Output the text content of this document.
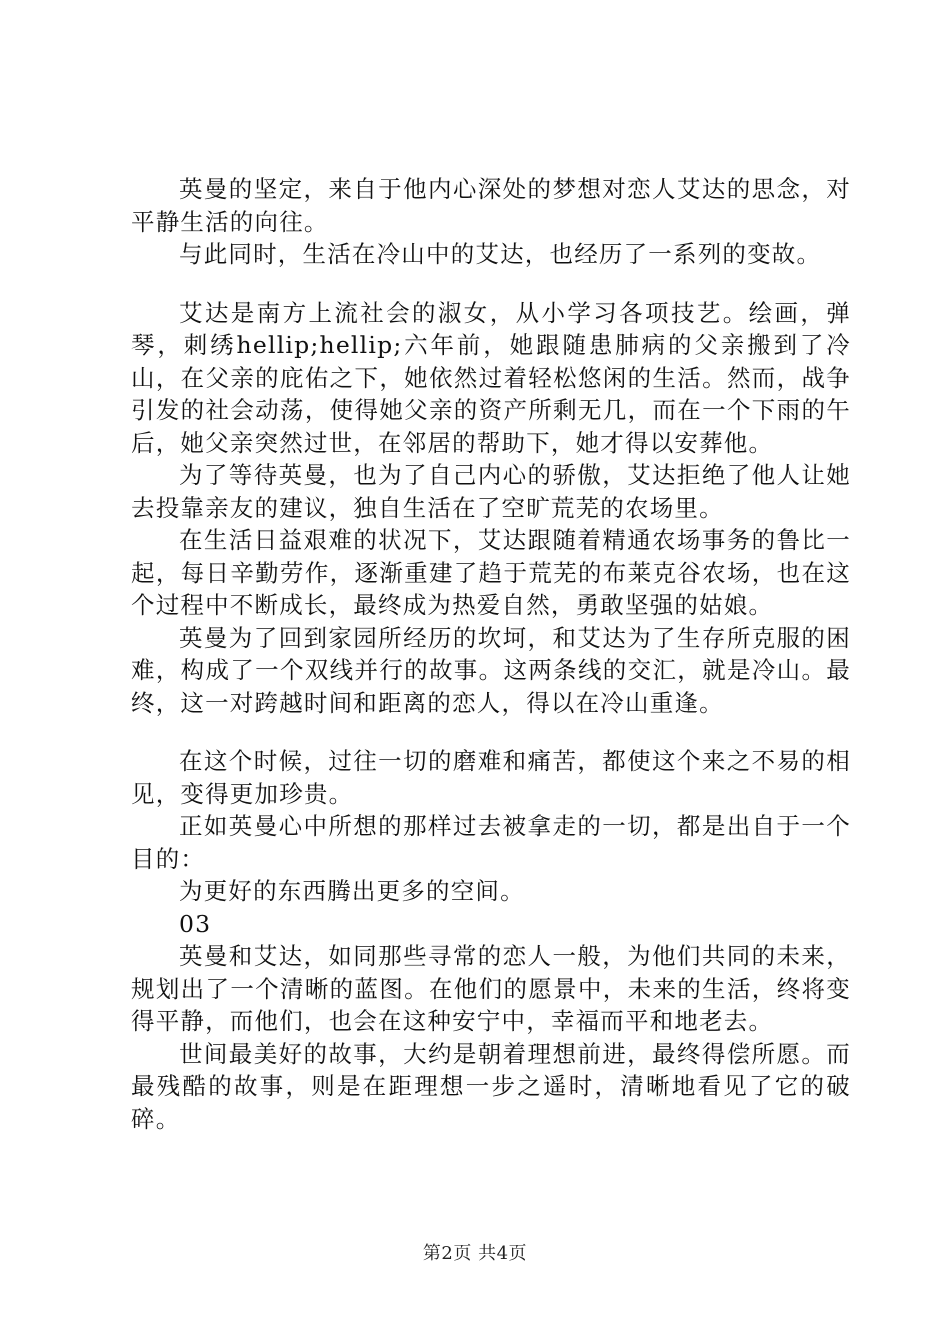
英曼的坚定，来自于他内心深处的梦想对恋人艾达的思念，对平静生活的向往。

与此同时，生活在冷山中的艾达，也经历了一系列的变故。

艾达是南方上流社会的淑女，从小学习各项技艺。绘画，弹琴，刺绣hellip;hellip;六年前，她跟随患肺病的父亲搬到了冷山，在父亲的庇佑之下，她依然过着轻松悠闲的生活。然而，战争引发的社会动荡，使得她父亲的资产所剩无几，而在一个下雨的午后，她父亲突然过世，在邻居的帮助下，她才得以安葬他。

为了等待英曼，也为了自己内心的骄傲，艾达拒绝了他人让她去投靠亲友的建议，独自生活在了空旷荒芜的农场里。

在生活日益艰难的状况下，艾达跟随着精通农场事务的鲁比一起，每日辛勤劳作，逐渐重建了趋于荒芜的布莱克谷农场，也在这个过程中不断成长，最终成为热爱自然，勇敢坚强的姑娘。

英曼为了回到家园所经历的坎坷，和艾达为了生存所克服的困难，构成了一个双线并行的故事。这两条线的交汇，就是冷山。最终，这一对跨越时间和距离的恋人，得以在冷山重逢。

在这个时候，过往一切的磨难和痛苦，都使这个来之不易的相见，变得更加珍贵。

正如英曼心中所想的那样过去被拿走的一切，都是出自于一个目的：

为更好的东西腾出更多的空间。

03

英曼和艾达，如同那些寻常的恋人一般，为他们共同的未来，规划出了一个清晰的蓝图。在他们的愿景中，未来的生活，终将变得平静，而他们，也会在这种安宁中，幸福而平和地老去。

世间最美好的故事，大约是朝着理想前进，最终得偿所愿。而最残酷的故事，则是在距理想一步之遥时，清晰地看见了它的破碎。

第2页 共4页
